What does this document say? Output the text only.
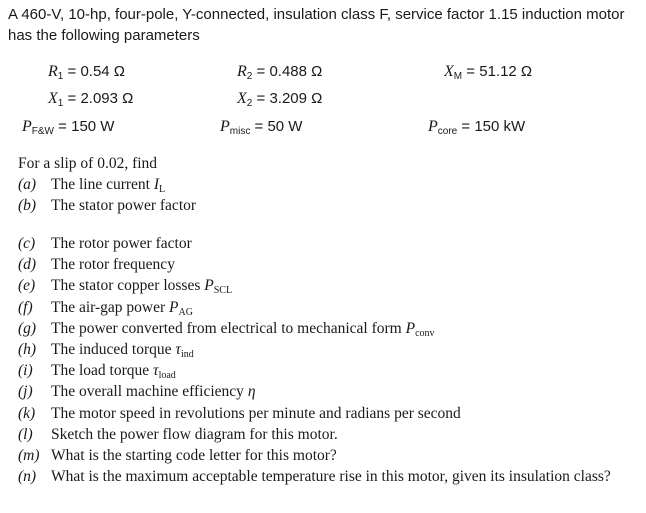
A 460-V, 10-hp, four-pole, Y-connected, insulation class F, service factor 1.15 induction motor has the following parameters
$R_1 = 0.54$ Ω	$R_2 = 0.488$ Ω	$X_M = 51.12$ Ω
$X_1 = 2.093$ Ω	$X_2 = 3.209$ Ω
$P_{F\&W} = 150$ W	$P_{misc} = 50$ W	$P_{core} = 150$ kW
For a slip of 0.02, find
(a) The line current $I_L$
(b) The stator power factor
(c) The rotor power factor
(d) The rotor frequency
(e) The stator copper losses $P_{SCL}$
(f) The air-gap power $P_{AG}$
(g) The power converted from electrical to mechanical form $P_{conv}$
(h) The induced torque $\tau_{ind}$
(i) The load torque $\tau_{load}$
(j) The overall machine efficiency η
(k) The motor speed in revolutions per minute and radians per second
(l) Sketch the power flow diagram for this motor.
(m) What is the starting code letter for this motor?
(n) What is the maximum acceptable temperature rise in this motor, given its insulation class?
